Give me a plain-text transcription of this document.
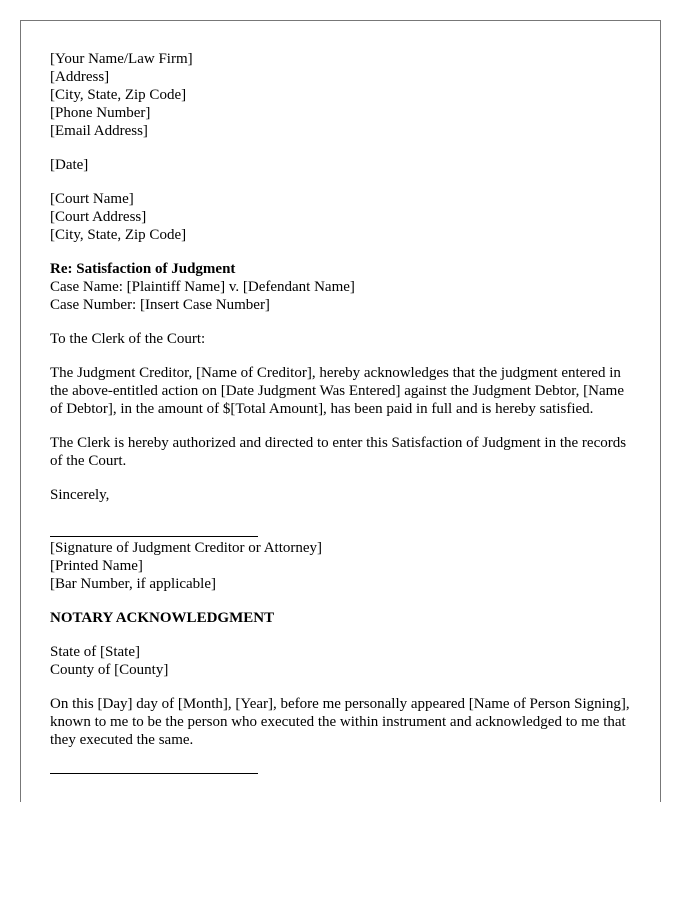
[Your Name/Law Firm]
[Address]
[City, State, Zip Code]
[Phone Number]
[Email Address]
[Date]
[Court Name]
[Court Address]
[City, State, Zip Code]
Re: Satisfaction of Judgment
Case Name: [Plaintiff Name] v. [Defendant Name]
Case Number: [Insert Case Number]

To the Clerk of the Court:

The Judgment Creditor, [Name of Creditor], hereby acknowledges that the judgment entered in the above-entitled action on [Date Judgment Was Entered] against the Judgment Debtor, [Name of Debtor], in the amount of $[Total Amount], has been paid in full and is hereby satisfied.

The Clerk is hereby authorized and directed to enter this Satisfaction of Judgment in the records of the Court.

Sincerely,

[Signature of Judgment Creditor or Attorney]
[Printed Name]
[Bar Number, if applicable]
NOTARY ACKNOWLEDGMENT
State of [State]
County of [County]

On this [Day] day of [Month], [Year], before me personally appeared [Name of Person Signing], known to me to be the person who executed the within instrument and acknowledged to me that they executed the same.
